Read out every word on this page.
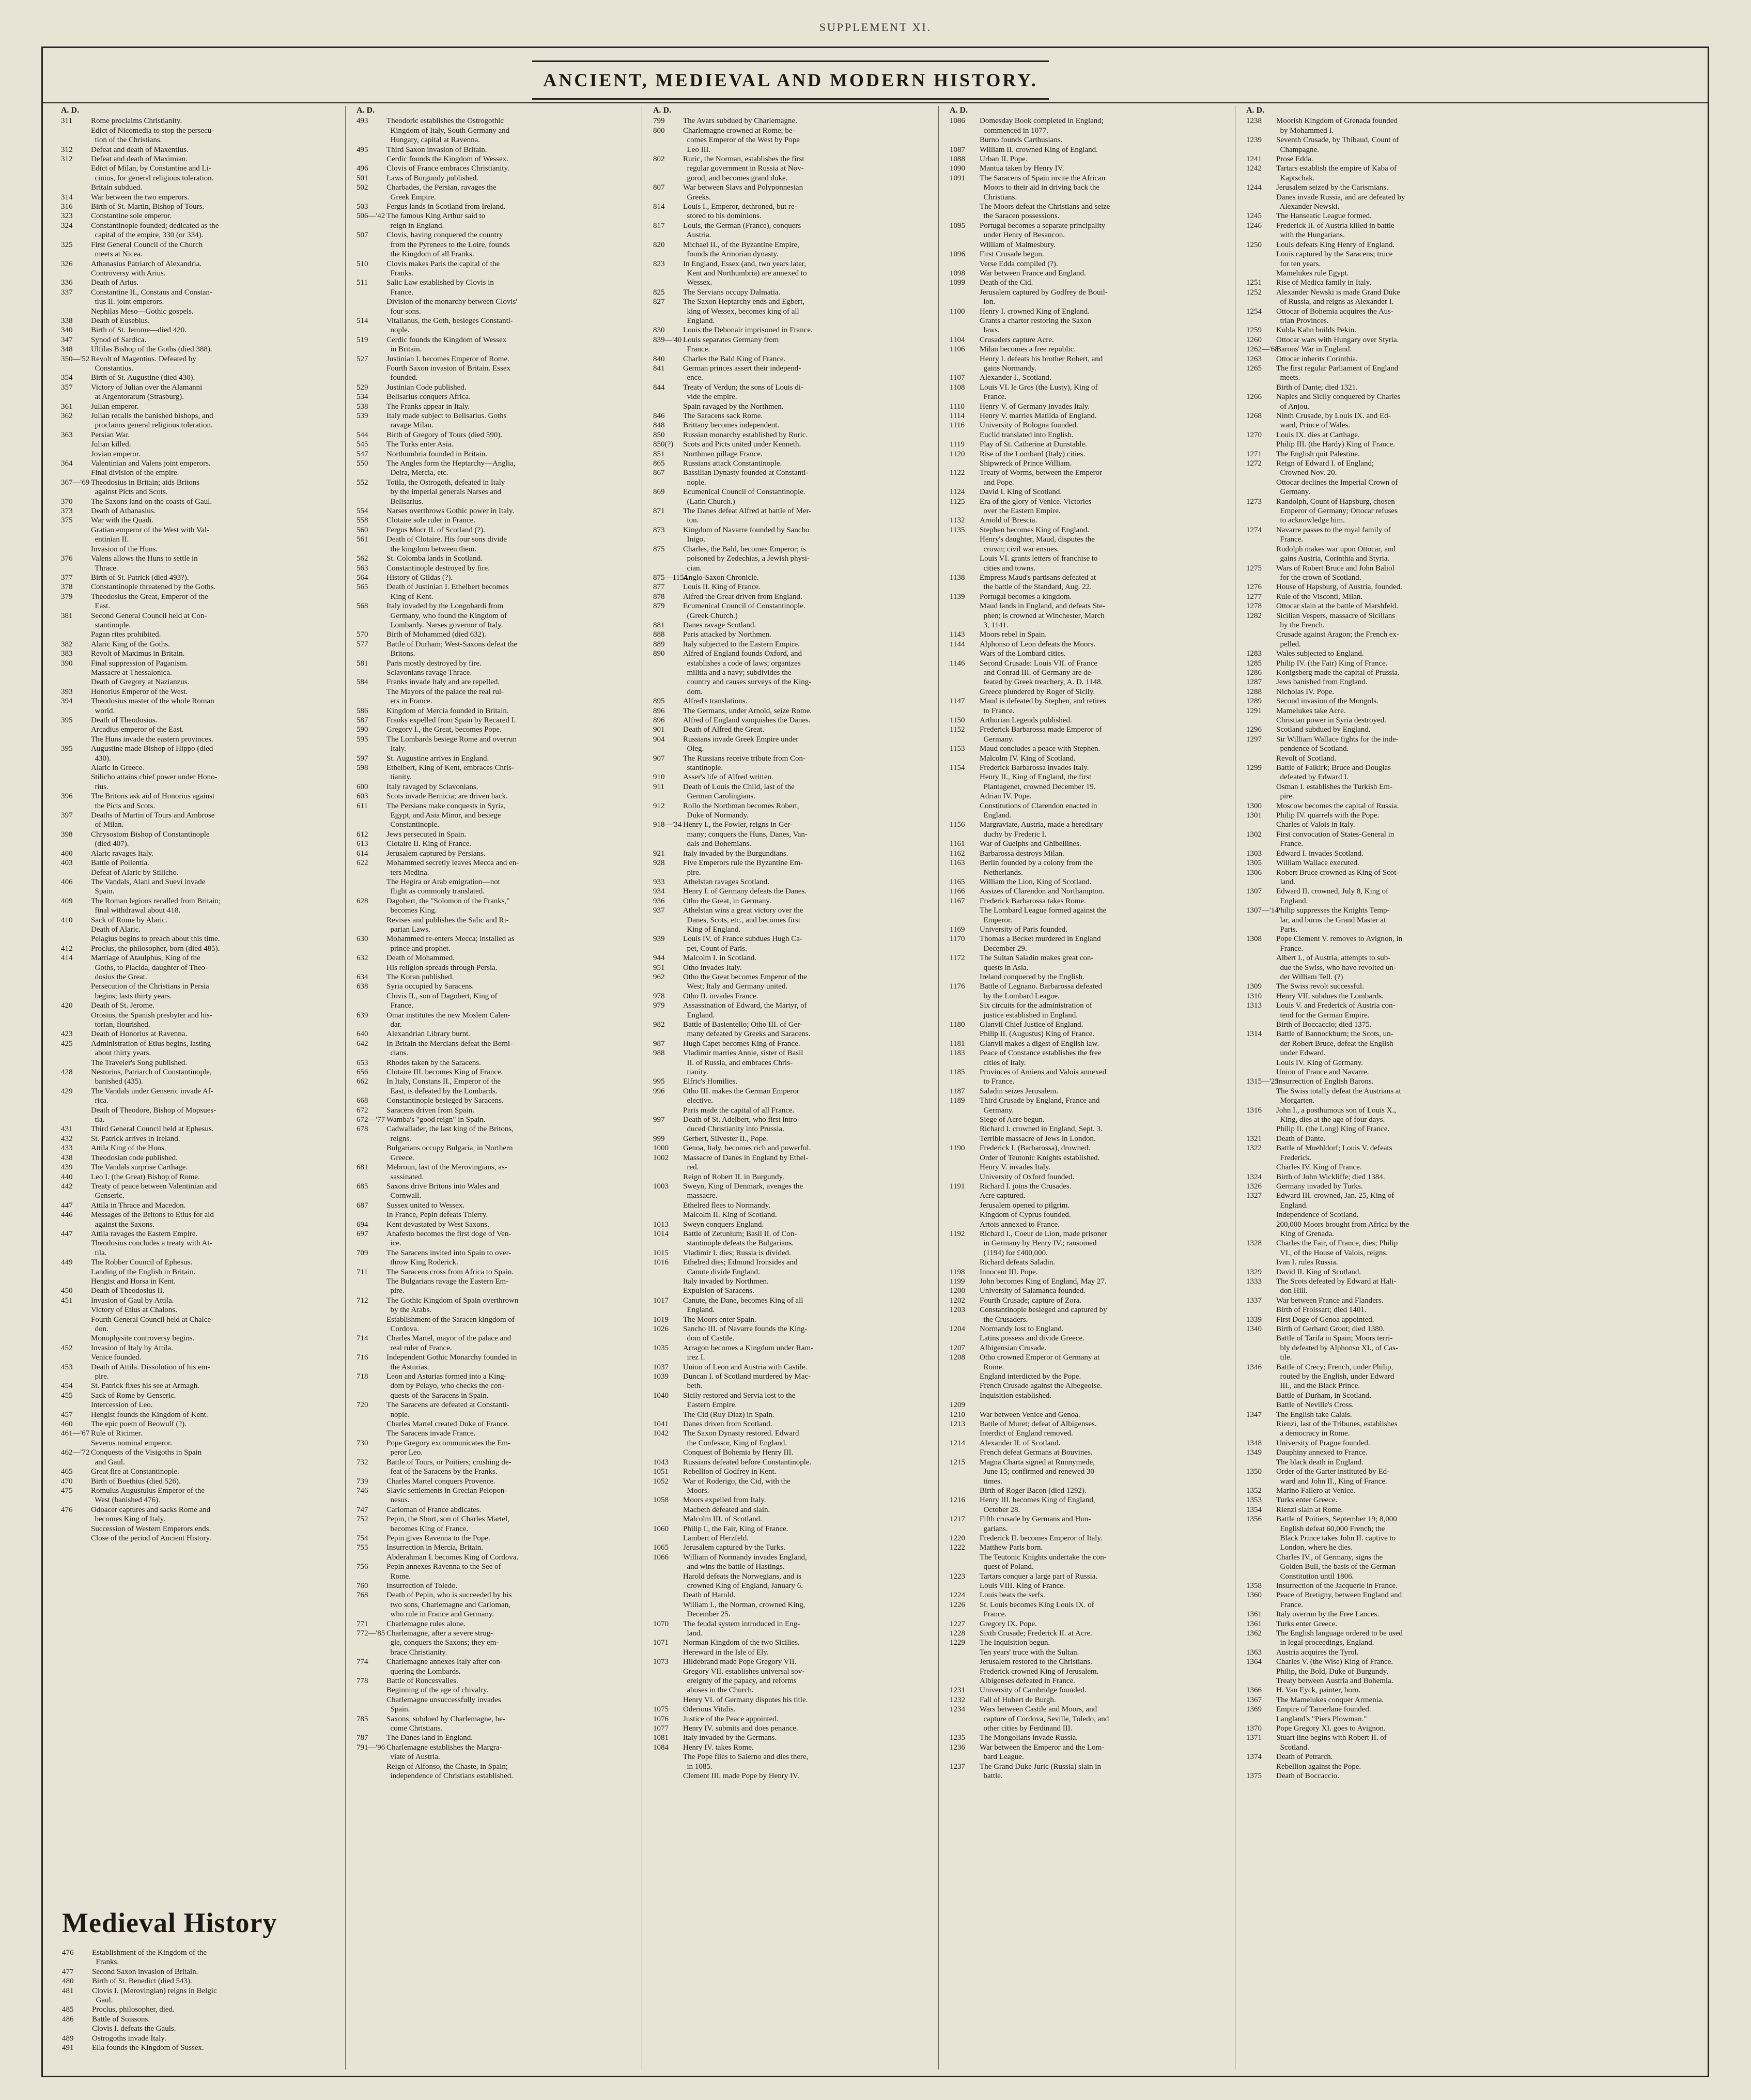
SUPPLEMENT XI.
ANCIENT, MEDIEVAL AND MODERN HISTORY.
A. D.
311 Rome proclaims Christianity.
Edict of Nicomedia to stop the persecu-
tion of the Christians.
312 Defeat and death of Maxentius.
312 Defeat and death of Maximian.
Edict of Milan, by Constantine and Li-
cinius, for general religious toleration.
Britain subdued.
314 War between the two emperors.
316 Birth of St. Martin, Bishop of Tours.
323 Constantine sole emperor.
324 Constantinople founded; dedicated as the
capital of the empire, 330 (or 334).
325 First General Council of the Church
meets at Nicea.
326 Athanasius Patriarch of Alexandria.
Controversy with Arius.
336 Death of Arius.
337 Constantine II., Constans and Constan-
tius II. joint emperors.
Nephilas Meso—Gothic gospels.
338 Death of Eusebius.
340 Birth of St. Jerome—died 420.
347 Synod of Sardica.
348 Ulfilas Bishop of the Goths (died 388).
350—'52 Revolt of Magentius. Defeated by
Constantius.
354 Birth of St. Augustine (died 430).
357 Victory of Julian over the Alamanni
at Argentoratum (Strasburg).
361 Julian emperor.
362 Julian recalls the banished bishops, and
proclaims general religious toleration.
363 Persian War.
Julian killed.
Jovian emperor.
364 Valentinian and Valens joint emperors.
Final division of the empire.
367—'69 Theodosius in Britain; aids Britons
against Picts and Scots.
370 The Saxons land on the coasts of Gaul.
373 Death of Athanasius.
375 War with the Quadi.
Gratian emperor of the West with Val-
entinian II.
Invasion of the Huns.
376 Valens allows the Huns to settle in
Thrace.
377 Birth of St. Patrick (died 493?).
378 Constantinople threatened by the Goths.
379 Theodosius the Great, Emperor of the
East.
381 Second General Council held at Con-
stantinople.
Pagan rites prohibited.
382 Alaric King of the Goths.
383 Revolt of Maximus in Britain.
390 Final suppression of Paganism.
Massacre at Thessalonica.
Death of Gregory at Nazianzus.
393 Honorius Emperor of the West.
394 Theodosius master of the whole Roman
world.
395 Death of Theodosius.
Arcadius emperor of the East.
The Huns invade the eastern provinces.
395 Augustine made Bishop of Hippo (died
430).
Alaric in Greece.
Stilicho attains chief power under Hono-
rius.
396 The Britons ask aid of Honorius against
the Picts and Scots.
397 Deaths of Martin of Tours and Ambrose
of Milan.
398 Chrysostom Bishop of Constantinople
(died 407).
400 Alaric ravages Italy.
403 Battle of Pollentia.
Defeat of Alaric by Stilicho.
406 The Vandals, Alani and Suevi invade
Spain.
409 The Roman legions recalled from Britain;
final withdrawal about 418.
410 Sack of Rome by Alaric.
Death of Alaric.
Pelagius begins to preach about this time.
412 Proclus, the philosopher, born (died 485).
414 Marriage of Ataulphus, King of the
Goths, to Placida, daughter of Theo-
dosius the Great.
Persecution of the Christians in Persia
begins; lasts thirty years.
420 Death of St. Jerome.
Orosius, the Spanish presbyter and his-
torian, flourished.
423 Death of Honorius at Ravenna.
425 Administration of Etius begins, lasting
about thirty years.
The Traveler's Song published.
428 Nestorius, Patriarch of Constantinople,
banished (435).
429 The Vandals under Genseric invade Af-
rica.
Death of Theodore, Bishop of Mopsues-
tia.
431 Third General Council held at Ephesus.
432 St. Patrick arrives in Ireland.
433 Attila King of the Huns.
438 Theodosian code published.
439 The Vandals surprise Carthage.
440 Leo I. (the Great) Bishop of Rome.
442 Treaty of peace between Valentinian and
Genseric.
447 Attila in Thrace and Macedon.
446 Messages of the Britons to Etius for aid
against the Saxons.
447 Attila ravages the Eastern Empire.
Theodosius concludes a treaty with At-
tila.
449 The Robber Council of Ephesus.
Landing of the English in Britain.
Hengist and Horsa in Kent.
450 Death of Theodosius II.
451 Invasion of Gaul by Attila.
Victory of Etius at Chalons.
Fourth General Council held at Chalce-
don.
Monophysite controversy begins.
452 Invasion of Italy by Attila.
Venice founded.
453 Death of Attila. Dissolution of his em-
pire.
454 St. Patrick fixes his see at Armagh.
455 Sack of Rome by Genseric.
Intercession of Leo.
457 Hengist founds the Kingdom of Kent.
460 The epic poem of Beowulf (?).
461—'67 Rule of Ricimer.
Severus nominal emperor.
462—'72 Conquests of the Visigoths in Spain
and Gaul.
465 Great fire at Constantinople.
470 Birth of Boethius (died 526).
475 Romulus Augustulus Emperor of the
West (banished 476).
476 Odoacer captures and sacks Rome and
becomes King of Italy.
Succession of Western Emperors ends.
Close of the period of Ancient History.
A. D.
493 Theodoric establishes the Ostrogothic
Kingdom of Italy, South Germany and
Hungary, capital at Ravenna.
495 Third Saxon invasion of Britain.
Cerdic founds the Kingdom of Wessex.
496 Clovis of France embraces Christianity.
501 Laws of Burgundy published.
502 Charbades, the Persian, ravages the
Greek Empire.
503 Fergus lands in Scotland from Ireland.
506—'42 The famous King Arthur said to
reign in England.
507 Clovis, having conquered the country
from the Pyrenees to the Loire, founds
the Kingdom of all Franks.
510 Clovis makes Paris the capital of the
Franks.
511 Salic Law established by Clovis in
France.
Division of the monarchy between Clovis'
four sons.
514 Vitalianus, the Goth, besieges Constanti-
nople.
519 Cerdic founds the Kingdom of Wessex
in Britain.
527 Justinian I. becomes Emperor of Rome.
Fourth Saxon invasion of Britain. Essex
founded.
529 Justinian Code published.
534 Belisarius conquers Africa.
538 The Franks appear in Italy.
539 Italy made subject to Belisarius. Goths
ravage Milan.
544 Birth of Gregory of Tours (died 590).
545 The Turks enter Asia.
547 Northumbria founded in Britain.
550 The Angles form the Heptarchy—Anglia,
Deira, Mercia, etc.
552 Totila, the Ostrogoth, defeated in Italy
by the imperial generals Narses and
Belisarius.
554 Narses overthrows Gothic power in Italy.
558 Clotaire sole ruler in France.
560 Fergus Mocr II. of Scotland (?).
561 Death of Clotaire. His four sons divide
the kingdom between them.
562 St. Colomba lands in Scotland.
563 Constantinople destroyed by fire.
564 History of Gildas (?).
565 Death of Justinian I. Ethelbert becomes
King of Kent.
568 Italy invaded by the Longobardi from
Germany, who found the Kingdom of
Lombardy. Narses governor of Italy.
570 Birth of Mohammed (died 632).
577 Battle of Durham; West-Saxons defeat the
Britons.
581 Paris mostly destroyed by fire.
Sclavonians ravage Thrace.
584 Franks invade Italy and are repelled.
The Mayors of the palace the real rul-
ers in France.
586 Kingdom of Mercia founded in Britain.
587 Franks expelled from Spain by Recared I.
590 Gregory I., the Great, becomes Pope.
595 The Lombards besiege Rome and overrun
Italy.
597 St. Augustine arrives in England.
598 Ethelbert, King of Kent, embraces Chris-
tianity.
600 Italy ravaged by Sclavonians.
603 Scots invade Bernicia; are driven back.
611 The Persians make conquests in Syria,
Egypt, and Asia Minor, and besiege
Constantinople.
612 Jews persecuted in Spain.
613 Clotaire II. King of France.
614 Jerusalem captured by Persians.
622 Mohammed secretly leaves Mecca and en-
ters Medina.
The Hegira or Arab emigration—not
flight as commonly translated.
628 Dagobert, the "Solomon of the Franks,"
becomes King.
Revises and publishes the Salic and Ri-
parian Laws.
630 Mohammed re-enters Mecca; installed as
prince and prophet.
632 Death of Mohammed.
His religion spreads through Persia.
634 The Koran published.
638 Syria occupied by Saracens.
Clovis II., son of Dagobert, King of
France.
639 Omar institutes the new Moslem Calen-
dar.
640 Alexandrian Library burnt.
642 In Britain the Mercians defeat the Berni-
cians.
653 Rhodes taken by the Saracens.
656 Clotaire III. becomes King of France.
662 In Italy, Constans II., Emperor of the
East, is defeated by the Lombards.
668 Constantinople besieged by Saracens.
672 Saracens driven from Spain.
672—'77 Wamba's "good reign" in Spain.
678 Cadwallader, the last king of the Britons,
reigns.
Bulgarians occupy Bulgaria, in Northern
Greece.
681 Mebroun, last of the Merovingians, as-
sassinated.
685 Saxons drive Britons into Wales and
Cornwall.
687 Sussex united to Wessex.
In France, Pepin defeats Thierry.
694 Kent devastated by West Saxons.
697 Anafesto becomes the first doge of Ven-
ice.
709 The Saracens invited into Spain to over-
throw King Roderick.
711 The Saracens cross from Africa to Spain.
The Bulgarians ravage the Eastern Em-
pire.
712 The Gothic Kingdom of Spain overthrown
by the Arabs.
Establishment of the Saracen kingdom of
Cordova.
714 Charles Martel, mayor of the palace and
real ruler of France.
716 Independent Gothic Monarchy founded in
the Asturias.
718 Leon and Asturias formed into a King-
dom by Pelayo, who checks the con-
quests of the Saracens in Spain.
720 The Saracens are defeated at Constanti-
nople.
Charles Martel created Duke of France.
The Saracens invade France.
730 Pope Gregory excommunicates the Em-
peror Leo.
732 Battle of Tours, or Poitiers; crushing de-
feat of the Saracens by the Franks.
739 Charles Martel conquers Provence.
746 Slavic settlements in Grecian Pelopon-
nesus.
747 Carloman of France abdicates.
752 Pepin, the Short, son of Charles Martel,
becomes King of France.
754 Pepin gives Ravenna to the Pope.
755 Insurrection in Mercia, Britain.
Abderahman I. becomes King of Cordova.
756 Pepin annexes Ravenna to the See of
Rome.
760 Insurrection of Toledo.
768 Death of Pepin, who is succeeded by his
two sons, Charlemagne and Carloman,
who rule in France and Germany.
771 Charlemagne rules alone.
772—'85 Charlemagne, after a severe strug-
gle, conquers the Saxons; they em-
brace Christianity.
774 Charlemagne annexes Italy after con-
quering the Lombards.
778 Battle of Roncesvalles.
Beginning of the age of chivalry.
Charlemagne unsuccessfully invades
Spain.
785 Saxons, subdued by Charlemagne, be-
come Christians.
787 The Danes land in England.
791—'96 Charlemagne establishes the Margra-
viate of Austria.
Reign of Alfonso, the Chaste, in Spain;
independence of Christians established.
A. D.
799 The Avars subdued by Charlemagne.
800 Charlemagne crowned at Rome; be-
comes Emperor of the West by Pope
Leo III.
802 Ruric, the Norman, establishes the first
regular government in Russia at Nov-
gorod, and becomes grand duke.
807 War between Slavs and Polyponnesian
Greeks.
814 Louis I., Emperor, dethroned, but re-
stored to his dominions.
817 Louis, the German (France), conquers
Austria.
820 Michael II., of the Byzantine Empire,
founds the Armorian dynasty.
823 In England, Essex (and, two years later,
Kent and Northumbria) are annexed to
Wessex.
825 The Servians occupy Dalmatia.
827 The Saxon Heptarchy ends and Egbert,
king of Wessex, becomes king of all
England.
830 Louis the Debonair imprisoned in France.
839—'40 Louis separates Germany from
France.
840 Charles the Bald King of France.
841 German princes assert their independ-
ence.
844 Treaty of Verdun; the sons of Louis di-
vide the empire.
Spain ravaged by the Northmen.
846 The Saracens sack Rome.
848 Brittany becomes independent.
850 Russian monarchy established by Ruric.
850(?) Scots and Picts united under Kenneth.
851 Northmen pillage France.
865 Russians attack Constantinople.
867 Bassilian Dynasty founded at Constanti-
nople.
869 Ecumenical Council of Constantinople.
(Latin Church.)
871 The Danes defeat Alfred at battle of Mer-
ton.
873 Kingdom of Navarre founded by Sancho
Inigo.
875 Charles, the Bald, becomes Emperor; is
poisoned by Zedechias, a Jewish physi-
cian.
875—1154Anglo-Saxon Chronicle.
877 Louis II. King of France.
878 Alfred the Great driven from England.
879 Ecumenical Council of Constantinople.
(Greek Church.)
881 Danes ravage Scotland.
888 Paris attacked by Northmen.
889 Italy subjected to the Eastern Empire.
890 Alfred of England founds Oxford, and
establishes a code of laws; organizes
militia and a navy; subdivides the
country and causes surveys of the King-
dom.
895 Alfred's translations.
896 The Germans, under Arnold, seize Rome.
896 Alfred of England vanquishes the Danes.
901 Death of Alfred the Great.
904 Russians invade Greek Empire under
Oleg.
907 The Russians receive tribute from Con-
stantinople.
910 Asser's life of Alfred written.
911 Death of Louis the Child, last of the
German Carolingians.
912 Rollo the Northman becomes Robert,
Duke of Normandy.
918—'34 Henry I., the Fowler, reigns in Ger-
many; conquers the Huns, Danes, Van-
dals and Bohemians.
921 Italy invaded by the Burgundians.
928 Five Emperors rule the Byzantine Em-
pire.
933 Athelstan ravages Scotland.
934 Henry I. of Germany defeats the Danes.
936 Otho the Great, in Germany.
937 Athelstan wins a great victory over the
Danes, Scots, etc., and becomes first
King of England.
939 Louis IV. of France subdues Hugh Ca-
pet, Count of Paris.
944 Malcolm I. in Scotland.
951 Otho invades Italy.
962 Otho the Great becomes Emperor of the
West; Italy and Germany united.
978 Otho II. invades France.
979 Assassination of Edward, the Martyr, of
England.
982 Battle of Basientello; Otho III. of Ger-
many defeated by Greeks and Saracens.
987 Hugh Capet becomes King of France.
988 Vladimir marries Annie, sister of Basil
II. of Russia, and embraces Chris-
tianity.
995 Elfric's Homilies.
996 Otho III. makes the German Emperor
elective.
Paris made the capital of all France.
997 Death of St. Adelbert, who first intro-
duced Christianity into Prussia.
999 Gerbert, Silvester II., Pope.
1000 Genoa, Italy, becomes rich and powerful.
1002 Massacre of Danes in England by Ethel-
red.
Reign of Robert II. in Burgundy.
1003 Sweyn, King of Denmark, avenges the
massacre.
Ethelred flees to Normandy.
Malcolm II. King of Scotland.
1013 Sweyn conquers England.
1014 Battle of Zetunium; Basil II. of Con-
stantinople defeats the Bulgarians.
1015 Vladimir I. dies; Russia is divided.
1016 Ethelred dies; Edmund Ironsides and
Canute divide England.
Italy invaded by Northmen.
Expulsion of Saracens.
1017 Canute, the Dane, becomes King of all
England.
1019 The Moors enter Spain.
1026 Sancho III. of Navarre founds the King-
dom of Castile.
1035 Arragon becomes a Kingdom under Ram-
irez I.
1037 Union of Leon and Austria with Castile.
1039 Duncan I. of Scotland murdered by Mac-
beth.
1040 Sicily restored and Servia lost to the
Eastern Empire.
The Cid (Ruy Diaz) in Spain.
1041 Danes driven from Scotland.
1042 The Saxon Dynasty restored. Edward
the Confessor, King of England.
Conquest of Bohemia by Henry III.
1043 Russians defeated before Constantinople.
1051 Rebellion of Godfrey in Kent.
1052 War of Roderigo, the Cid, with the
Moors.
1058 Moors expelled from Italy.
Macbeth defeated and slain.
Malcolm III. of Scotland.
1060 Philip I., the Fair, King of France.
Lambert of Herzfeld.
1065 Jerusalem captured by the Turks.
1066 William of Normandy invades England,
and wins the battle of Hastings.
Harold defeats the Norwegians, and is
crowned King of England, January 6.
Death of Harold.
William I., the Norman, crowned King,
December 25.
1070 The feudal system introduced in Eng-
land.
1071 Norman Kingdom of the two Sicilies.
Hereward in the Isle of Ely.
1073 Hildebrand made Pope Gregory VII.
Gregory VII. establishes universal sov-
ereignty of the papacy, and reforms
abuses in the Church.
Henry VI. of Germany disputes his title.
1075 Oderious Vitalis.
1076 Justice of the Peace appointed.
1077 Henry IV. submits and does penance.
1081 Italy invaded by the Germans.
1084 Henry IV. takes Rome.
The Pope flies to Salerno and dies there,
in 1085.
Clement III. made Pope by Henry IV.
A. D.
1086 Domesday Book completed in England;
commenced in 1077.
Burno founds Carthusians.
1087 William II. crowned King of England.
1088 Urban II. Pope.
1090 Mantua taken by Henry IV.
1091 The Saracens of Spain invite the African
Moors to their aid in driving back the
Christians.
The Moors defeat the Christians and seize
the Saracen possessions.
1095 Portugal becomes a separate principality
under Henry of Besancon.
William of Malmesbury.
1096 First Crusade begun.
Verse Edda compiled (?).
1098 War between France and England.
1099 Death of the Cid.
Jerusalem captured by Godfrey de Bouil-
lon.
1100 Henry I. crowned King of England.
Grants a charter restoring the Saxon
laws.
1104 Crusaders capture Acre.
1106 Milan becomes a free republic.
Henry I. defeats his brother Robert, and
gains Normandy.
1107 Alexander I., Scotland.
1108 Louis VI. le Gros (the Lusty), King of
France.
1110 Henry V. of Germany invades Italy.
1114 Henry V. marries Matilda of England.
1116 University of Bologna founded.
Euclid translated into English.
1119 Play of St. Catherine at Dunstable.
1120 Rise of the Lombard (Italy) cities.
Shipwreck of Prince William.
1122 Treaty of Worms, between the Emperor
and Pope.
1124 David I. King of Scotland.
1125 Era of the glory of Venice. Victories
over the Eastern Empire.
1132 Arnold of Brescia.
1135 Stephen becomes King of England.
Henry's daughter, Maud, disputes the
crown; civil war ensues.
Louis VI. grants letters of franchise to
cities and towns.
1138 Empress Maud's partisans defeated at
the battle of the Standard, Aug. 22.
1139 Portugal becomes a kingdom.
Maud lands in England, and defeats Ste-
phen; is crowned at Winchester, March
3, 1141.
1143 Moors rebel in Spain.
1144 Alphonso of Leon defeats the Moors.
Wars of the Lombard cities.
1146 Second Crusade: Louis VII. of France
and Conrad III. of Germany are de-
feated by Greek treachery, A. D. 1148.
Greece plundered by Roger of Sicily.
1147 Maud is defeated by Stephen, and retires
to France.
1150 Arthurian Legends published.
1152 Frederick Barbarossa made Emperor of
Germany.
1153 Maud concludes a peace with Stephen.
Malcolm IV. King of Scotland.
1154 Frederick Barbarossa invades Italy.
Henry II., King of England, the first
Plantagenet, crowned December 19.
Adrian IV. Pope.
Constitutions of Clarendon enacted in
England.
1156 Margraviate, Austria, made a hereditary
duchy by Frederic I.
1161 War of Guelphs and Ghibellines.
1162 Barbarossa destroys Milan.
1163 Berlin founded by a colony from the
Netherlands.
1165 William the Lion, King of Scotland.
1166 Assizes of Clarendon and Northampton.
1167 Frederick Barbarossa takes Rome.
The Lombard League formed against the
Emperor.
1169 University of Paris founded.
1170 Thomas a Becket murdered in England
December 29.
1172 The Sultan Saladin makes great con-
quests in Asia.
Ireland conquered by the English.
1176 Battle of Legnano. Barbarossa defeated
by the Lombard League.
Six circuits for the administration of
justice established in England.
1180 Glanvil Chief Justice of England.
Philip II. (Augustus) King of France.
1181 Glanvil makes a digest of English law.
1183 Peace of Constance establishes the free
cities of Italy.
1185 Provinces of Amiens and Valois annexed
to France.
1187 Saladin seizes Jerusalem.
1189 Third Crusade by England, France and
Germany.
Siege of Acre begun.
Richard I. crowned in England, Sept. 3.
Terrible massacre of Jews in London.
1190 Frederick I. (Barbarossa), drowned.
Order of Teutonic Knights established.
Henry V. invades Italy.
University of Oxford founded.
1191 Richard I. joins the Crusades.
Acre captured.
Jerusalem opened to pilgrim.
Kingdom of Cyprus founded.
Artois annexed to France.
1192 Richard I., Coeur de Lion, made prisoner
in Germany by Henry IV.; ransomed
(1194) for £400,000.
Richard defeats Saladin.
1198 Innocent III. Pope.
1199 John becomes King of England, May 27.
1200 University of Salamanca founded.
1202 Fourth Crusade; capture of Zora.
1203 Constantinople besieged and captured by
the Crusaders.
1204 Normandy lost to England.
Latins possess and divide Greece.
1207 Albigensian Crusade.
1208 Otho crowned Emperor of Germany at
Rome.
England interdicted by the Pope.
French Crusade against the Albegeoise.
Inquisition established.
1209
1210 War between Venice and Genoa.
1213 Battle of Muret; defeat of Albigenses.
Interdict of England removed.
1214 Alexander II. of Scotland.
French defeat Germans at Bouvines.
1215 Magna Charta signed at Runnymede,
June 15; confirmed and renewed 30
times.
Birth of Roger Bacon (died 1292).
1216 Henry III. becomes King of England,
October 28.
1217 Fifth crusade by Germans and Hun-
garians.
1220 Frederick II. becomes Emperor of Italy.
1222 Matthew Paris born.
The Teutonic Knights undertake the con-
quest of Poland.
1223 Tartars conquer a large part of Russia.
Louis VIII. King of France.
1224 Louis beats the serfs.
1226 St. Louis becomes King Louis IX. of
France.
1227 Gregory IX. Pope.
1228 Sixth Crusade; Frederick II. at Acre.
1229 The Inquisition begun.
Ten years' truce with the Sultan.
Jerusalem restored to the Christians.
Frederick crowned King of Jerusalem.
Albigenses defeated in France.
1231 University of Cambridge founded.
1232 Fall of Hubert de Burgh.
1234 Wars between Castile and Moors, and
capture of Cordova, Seville, Toledo, and
other cities by Ferdinand III.
1235 The Mongolians invade Russia.
1236 War between the Emperor and the Lom-
bard League.
1237 The Grand Duke Juric (Russia) slain in
battle.
A. D.
1238 Moorish Kingdom of Grenada founded
by Mohammed I.
1239 Seventh Crusade, by Thibaud, Count of
Champagne.
1241 Prose Edda.
1242 Tartars establish the empire of Kaba of
Kaptschak.
1244 Jerusalem seized by the Carismians.
Danes invade Russia, and are defeated by
Alexander Newski.
1245 The Hanseatic League formed.
1246 Frederick II. of Austria killed in battle
with the Hungarians.
1250 Louis defeats King Henry of England.
Louis captured by the Saracens; truce
for ten years.
Mamelukes rule Egypt.
1251 Rise of Medica family in Italy.
1252 Alexander Newski is made Grand Duke
of Russia, and reigns as Alexander I.
1254 Ottocar of Bohemia acquires the Aus-
trian Provinces.
1259 Kubla Kahn builds Pekin.
1260 Ottocar wars with Hungary over Styria.
1262—'68Barons' War in England.
1263 Ottocar inherits Corinthia.
1265 The first regular Parliament of England
meets.
Birth of Dante; died 1321.
1266 Naples and Sicily conquered by Charles
of Anjou.
1268 Ninth Crusade, by Louis IX. and Ed-
ward, Prince of Wales.
1270 Louis IX. dies at Carthage.
Philip III. (the Hardy) King of France.
1271 The English quit Palestine.
1272 Reign of Edward I. of England;
Crowned Nov. 20.
Ottocar declines the Imperial Crown of
Germany.
1273 Randolph, Count of Hapsburg, chosen
Emperor of Germany; Ottocar refuses
to acknowledge him.
1274 Navarre passes to the royal family of
France.
Rudolph makes war upon Ottocar, and
gains Austria, Corinthia and Styria.
1275 Wars of Robert Bruce and John Baliol
for the crown of Scotland.
1276 House of Hapsburg, of Austria, founded.
1277 Rule of the Visconti, Milan.
1278 Ottocar slain at the battle of Marshfeld.
1282 Sicilian Vespers, massacre of Sicilians
by the French.
Crusade against Aragon; the French ex-
pelled.
1283 Wales subjected to England.
1285 Philip IV. (the Fair) King of France.
1286 Konigsberg made the capital of Prussia.
1287 Jews banished from England.
1288 Nicholas IV. Pope.
1289 Second invasion of the Mongols.
1291 Mamelukes take Acre.
Christian power in Syria destroyed.
1296 Scotland subdued by England.
1297 Sir William Wallace fights for the inde-
pendence of Scotland.
Revolt of Scotland.
1299 Battle of Falkirk; Bruce and Douglas
defeated by Edward I.
Osman I. establishes the Turkish Em-
pire.
1300 Moscow becomes the capital of Russia.
1301 Philip IV. quarrels with the Pope.
Charles of Valois in Italy.
1302 First convocation of States-General in
France.
1303 Edward I. invades Scotland.
1305 William Wallace executed.
1306 Robert Bruce crowned as King of Scot-
land.
1307 Edward II. crowned, July 8, King of
England.
1307—'14Philip suppresses the Knights Temp-
lar, and burns the Grand Master at
Paris.
1308 Pope Clement V. removes to Avignon, in
France.
Albert I., of Austria, attempts to sub-
due the Swiss, who have revolted un-
der William Tell. (?)
1309 The Swiss revolt successful.
1310 Henry VII. subdues the Lombards.
1313 Louis V. and Frederick of Austria con-
tend for the German Empire.
Birth of Boccaccio; died 1375.
1314 Battle of Bannockburn; the Scots, un-
der Robert Bruce, defeat the English
under Edward.
Louis IV. King of Germany.
Union of France and Navarre.
1315—'25Insurrection of English Barons.
The Swiss totally defeat the Austrians at
Morgarten.
1316 John I., a posthumous son of Louis X.,
King, dies at the age of four days.
Philip II. (the Long) King of France.
1321 Death of Dante.
1322 Battle of Muehldorf; Louis V. defeats
Frederick.
Charles IV. King of France.
1324 Birth of John Wickliffe; died 1384.
1326 Germany invaded by Turks.
1327 Edward III. crowned, Jan. 25, King of
England.
Independence of Scotland.
200,000 Moors brought from Africa by the
King of Grenada.
1328 Charles the Fair, of France, dies; Philip
VI., of the House of Valois, reigns.
Ivan I. rules Russia.
1329 David II. King of Scotland.
1333 The Scots defeated by Edward at Hali-
don Hill.
1337 War between France and Flanders.
Birth of Froissart; died 1401.
1339 First Doge of Genoa appointed.
1340 Birth of Gerhard Groot; died 1380.
Battle of Tarifa in Spain; Moors terri-
bly defeated by Alphonso XI., of Cas-
tile.
1346 Battle of Crecy; French, under Philip,
routed by the English, under Edward
III., and the Black Prince.
Battle of Durham, in Scotland.
Battle of Neville's Cross.
1347 The English take Calais.
Rienzi, last of the Tribunes, establishes
a democracy in Rome.
1348 University of Prague founded.
1349 Dauphiny annexed to France.
The black death in England.
1350 Order of the Garter instituted by Ed-
ward and John II., King of France.
1352 Marino Fallero at Venice.
1353 Turks enter Greece.
1354 Rienzi slain at Rome.
1356 Battle of Poitiers, September 19; 8,000
English defeat 60,000 French; the
Black Prince takes John II. captive to
London, where he dies.
Charles IV., of Germany, signs the
Golden Bull, the basis of the German
Constitution until 1806.
1358 Insurrection of the Jacquerie in France.
1360 Peace of Bretigny, between England and
France.
1361 Italy overrun by the Free Lances.
1361 Turks enter Greece.
1362 The English language ordered to be used
in legal proceedings, England.
1363 Austria acquires the Tyrol.
1364 Charles V. (the Wise) King of France.
Philip, the Bold, Duke of Burgundy.
Treaty between Austria and Bohemia.
1366 H. Van Eyck, painter, born.
1367 The Mamelukes conquer Armenia.
1369 Empire of Tamerlane founded.
Langland's "Piers Plowman."
1370 Pope Gregory XI. goes to Avignon.
1371 Stuart line begins with Robert II. of
Scotland.
1374 Death of Petrarch.
Rebellion against the Pope.
1375 Death of Boccaccio.
Medieval History
476 Establishment of the Kingdom of the
Franks.
477 Second Saxon invasion of Britain.
480 Birth of St. Benedict (died 543).
481 Clovis I. (Merovingian) reigns in Belgic
Gaul.
485 Proclus, philosopher, died.
486 Battle of Soissons.
Clovis I. defeats the Gauls.
489 Ostrogoths invade Italy.
491 Ella founds the Kingdom of Sussex.
